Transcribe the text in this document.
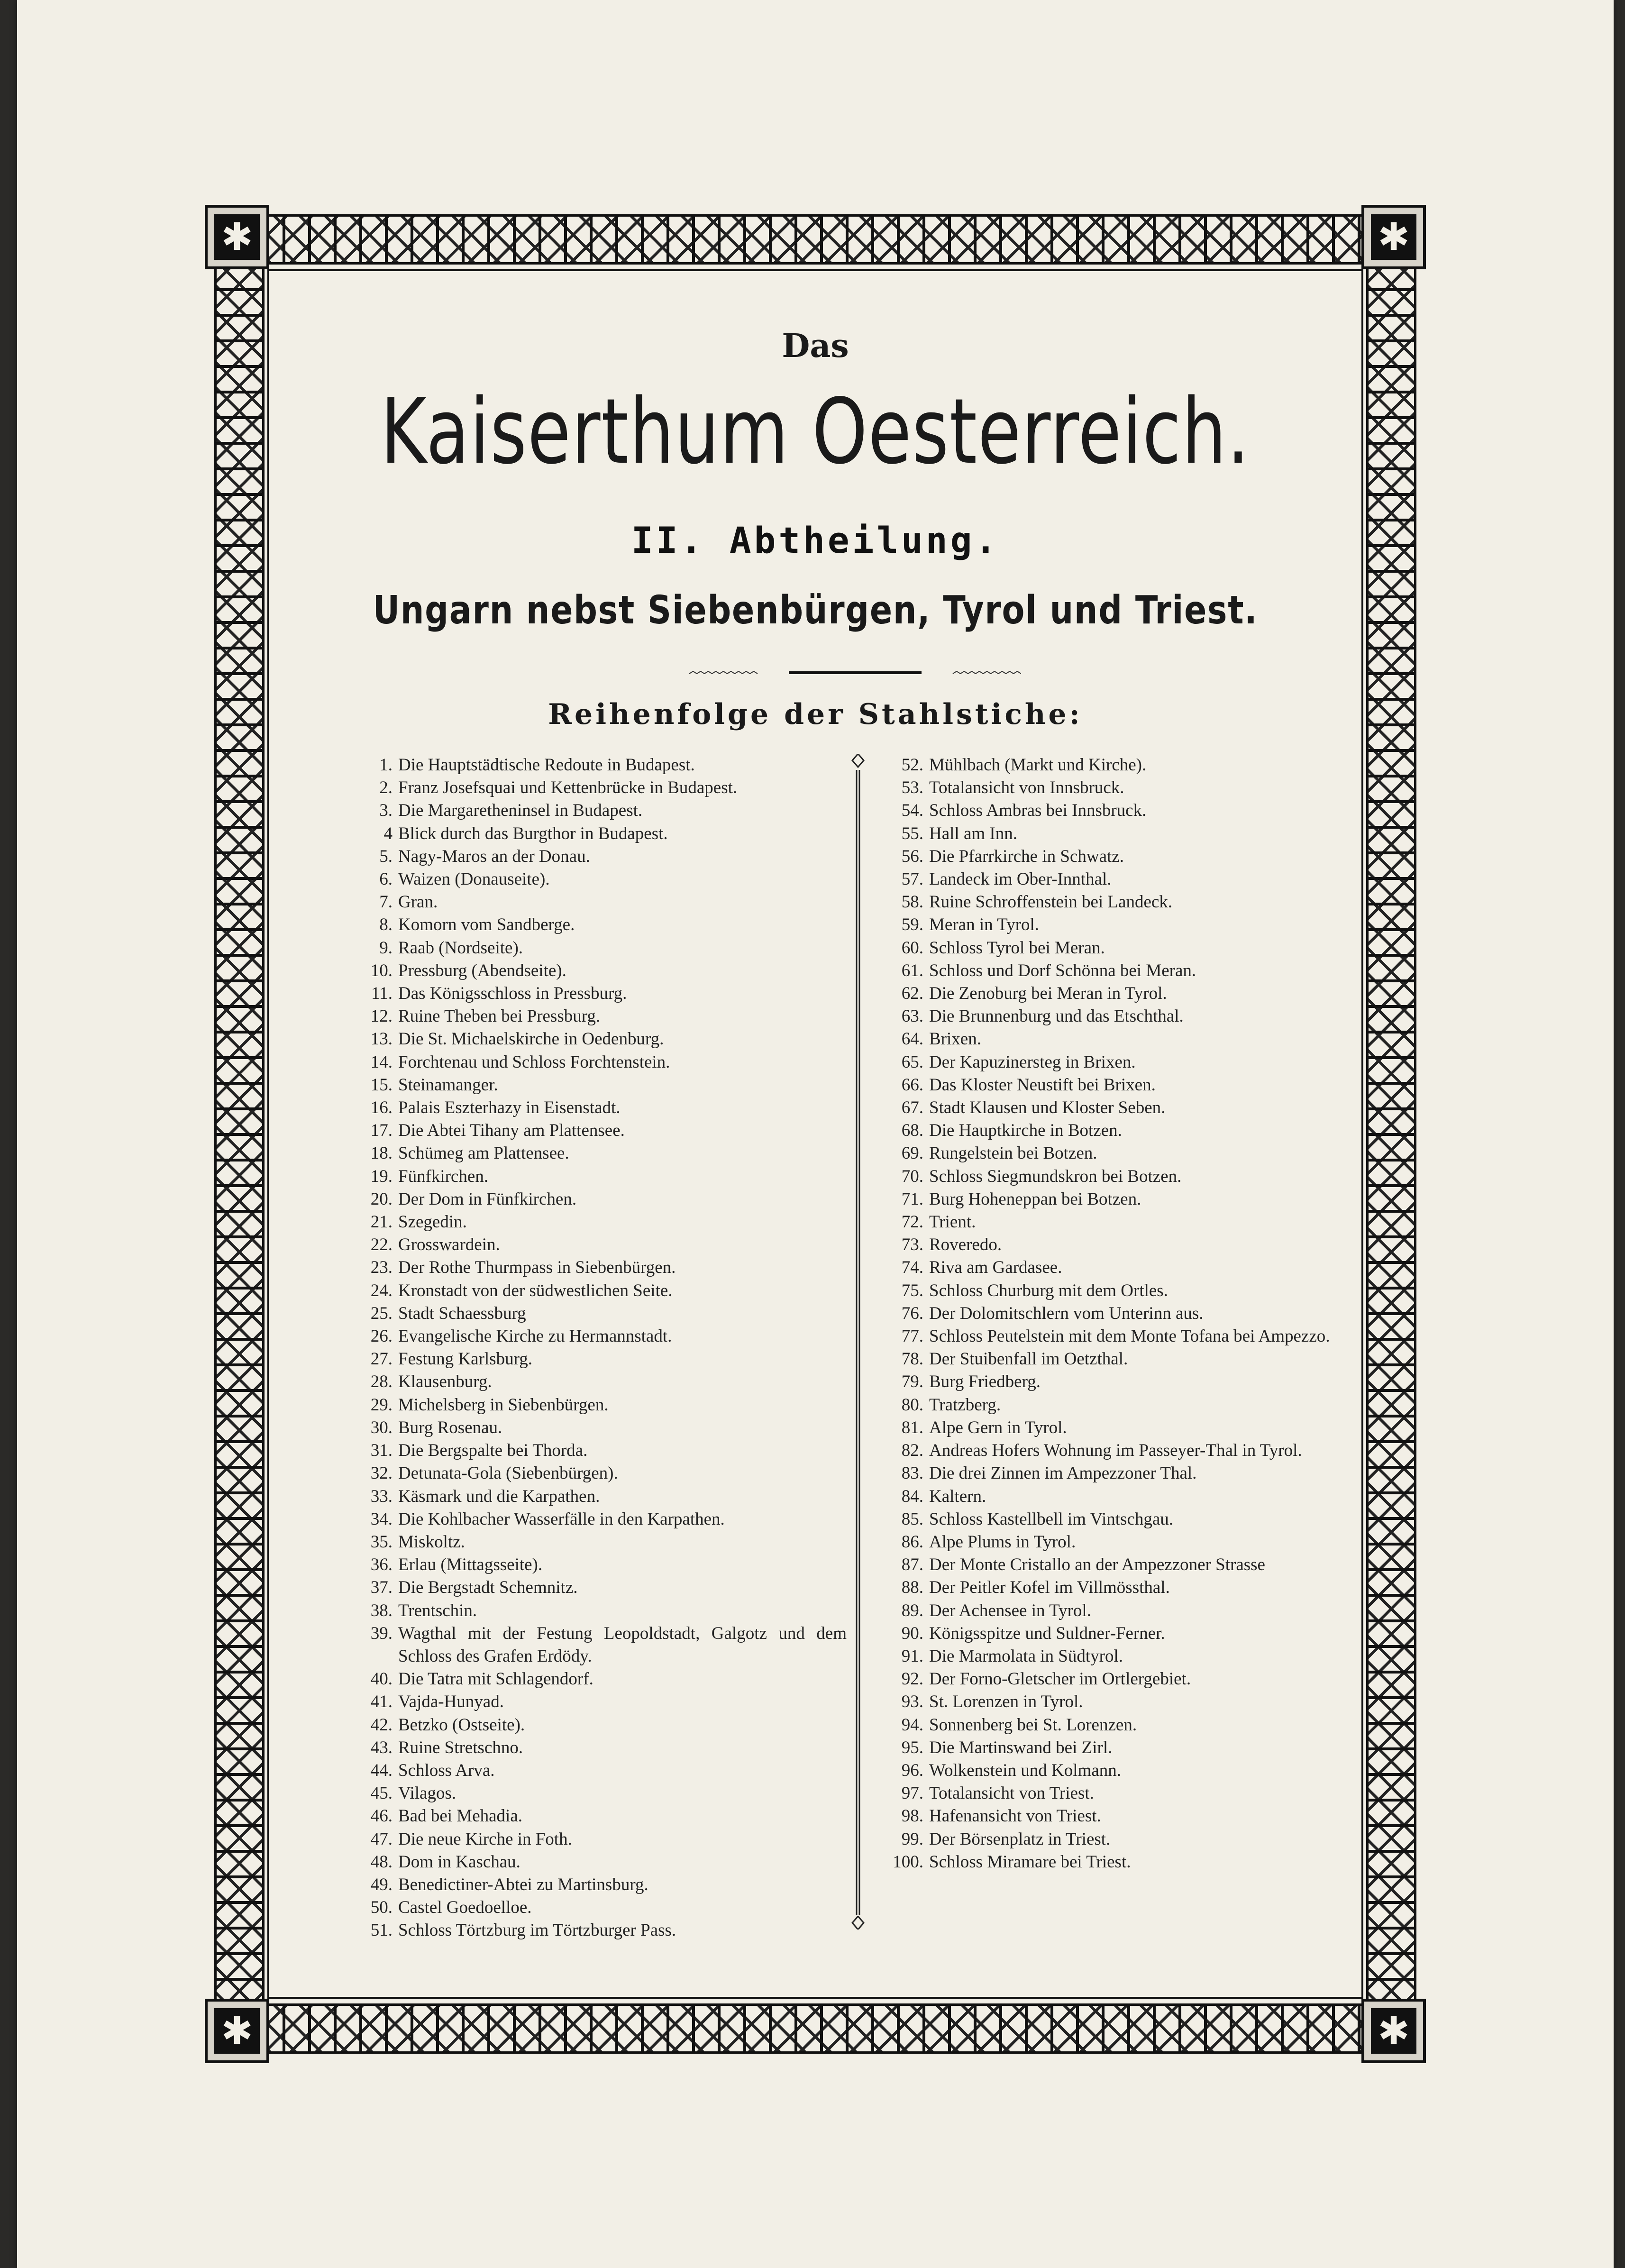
✱	✱
✱	✱
Das
Kaiserthum Oesterreich.
II. Abtheilung.
Ungarn nebst Siebenbürgen, Tyrol und Triest.
Reihenfolge der Stahlstiche:
1. Die Hauptstädtische Redoute in Budapest.
2. Franz Josefsquai und Kettenbrücke in Budapest.
3. Die Margaretheninsel in Budapest.
4 Blick durch das Burgthor in Budapest.
5. Nagy-Maros an der Donau.
6. Waizen (Donauseite).
7. Gran.
8. Komorn vom Sandberge.
9. Raab (Nordseite).
10. Pressburg (Abendseite).
11. Das Königsschloss in Pressburg.
12. Ruine Theben bei Pressburg.
13. Die St. Michaelskirche in Oedenburg.
14. Forchtenau und Schloss Forchtenstein.
15. Steinamanger.
16. Palais Eszterhazy in Eisenstadt.
17. Die Abtei Tihany am Plattensee.
18. Schümeg am Plattensee.
19. Fünfkirchen.
20. Der Dom in Fünfkirchen.
21. Szegedin.
22. Grosswardein.
23. Der Rothe Thurmpass in Siebenbürgen.
24. Kronstadt von der südwestlichen Seite.
25. Stadt Schaessburg
26. Evangelische Kirche zu Hermannstadt.
27. Festung Karlsburg.
28. Klausenburg.
29. Michelsberg in Siebenbürgen.
30. Burg Rosenau.
31. Die Bergspalte bei Thorda.
32. Detunata-Gola (Siebenbürgen).
33. Käsmark und die Karpathen.
34. Die Kohlbacher Wasserfälle in den Karpathen.
35. Miskoltz.
36. Erlau (Mittagsseite).
37. Die Bergstadt Schemnitz.
38. Trentschin.
39. Wagthal mit der Festung Leopoldstadt, Galgotz und dem Schloss des Grafen Erdödy.
40. Die Tatra mit Schlagendorf.
41. Vajda-Hunyad.
42. Betzko (Ostseite).
43. Ruine Stretschno.
44. Schloss Arva.
45. Vilagos.
46. Bad bei Mehadia.
47. Die neue Kirche in Foth.
48. Dom in Kaschau.
49. Benedictiner-Abtei zu Martinsburg.
50. Castel Goedoelloe.
51. Schloss Törtzburg im Törtzburger Pass.
52. Mühlbach (Markt und Kirche).
53. Totalansicht von Innsbruck.
54. Schloss Ambras bei Innsbruck.
55. Hall am Inn.
56. Die Pfarrkirche in Schwatz.
57. Landeck im Ober-Innthal.
58. Ruine Schroffenstein bei Landeck.
59. Meran in Tyrol.
60. Schloss Tyrol bei Meran.
61. Schloss und Dorf Schönna bei Meran.
62. Die Zenoburg bei Meran in Tyrol.
63. Die Brunnenburg und das Etschthal.
64. Brixen.
65. Der Kapuzinersteg in Brixen.
66. Das Kloster Neustift bei Brixen.
67. Stadt Klausen und Kloster Seben.
68. Die Hauptkirche in Botzen.
69. Rungelstein bei Botzen.
70. Schloss Siegmundskron bei Botzen.
71. Burg Hoheneppan bei Botzen.
72. Trient.
73. Roveredo.
74. Riva am Gardasee.
75. Schloss Churburg mit dem Ortles.
76. Der Dolomitschlern vom Unterinn aus.
77. Schloss Peutelstein mit dem Monte Tofana bei Ampezzo.
78. Der Stuibenfall im Oetzthal.
79. Burg Friedberg.
80. Tratzberg.
81. Alpe Gern in Tyrol.
82. Andreas Hofers Wohnung im Passeyer-Thal in Tyrol.
83. Die drei Zinnen im Ampezzoner Thal.
84. Kaltern.
85. Schloss Kastellbell im Vintschgau.
86. Alpe Plums in Tyrol.
87. Der Monte Cristallo an der Ampezzoner Strasse
88. Der Peitler Kofel im Villmössthal.
89. Der Achensee in Tyrol.
90. Königsspitze und Suldner-Ferner.
91. Die Marmolata in Südtyrol.
92. Der Forno-Gletscher im Ortlergebiet.
93. St. Lorenzen in Tyrol.
94. Sonnenberg bei St. Lorenzen.
95. Die Martinswand bei Zirl.
96. Wolkenstein und Kolmann.
97. Totalansicht von Triest.
98. Hafenansicht von Triest.
99. Der Börsenplatz in Triest.
100. Schloss Miramare bei Triest.
